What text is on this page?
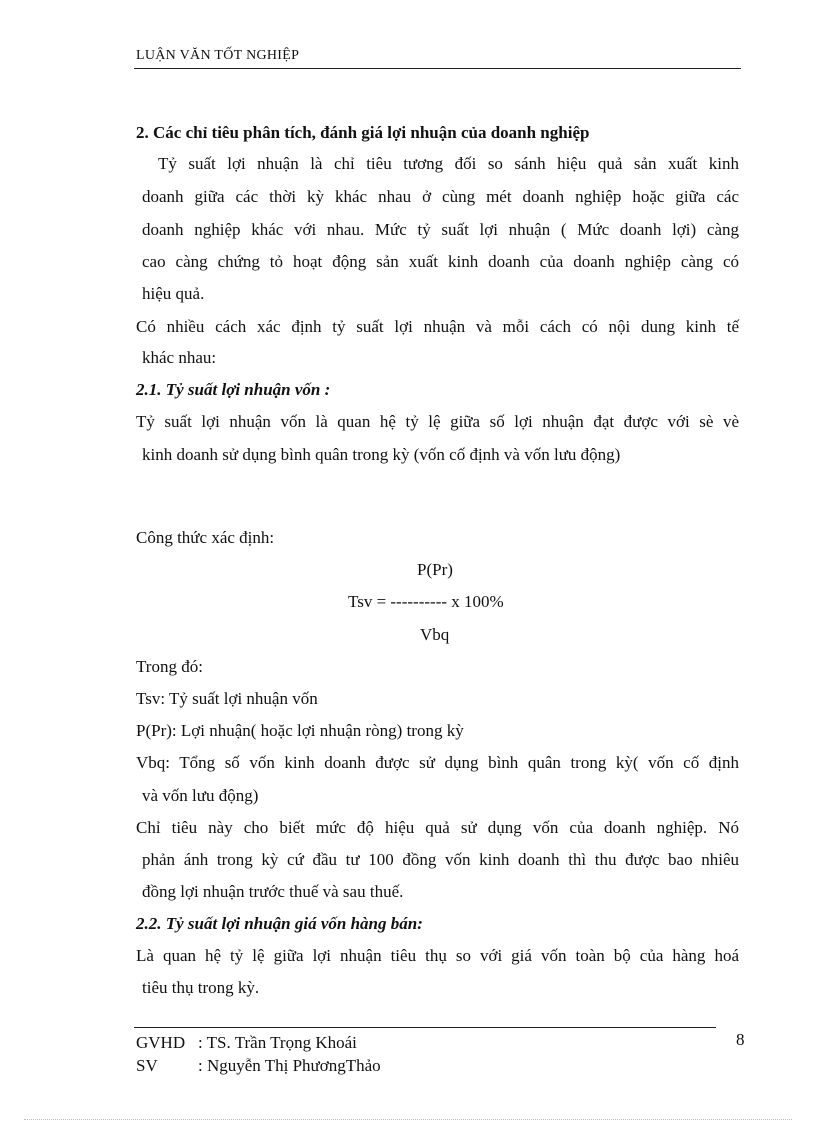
LUẬN VĂN TỐT NGHIỆP
2. Các chỉ tiêu phân tích, đánh giá lợi nhuận của doanh nghiệp
Tỷ suất lợi nhuận là chỉ tiêu tương đối so sánh hiệu quả sản xuất kinh
doanh giữa các thời kỳ khác nhau ở cùng mét doanh nghiệp hoặc giữa các
doanh nghiệp khác với nhau. Mức tỷ suất lợi nhuận ( Mức doanh lợi) càng
cao càng chứng tỏ hoạt động sản xuất kinh doanh của doanh nghiệp càng có
hiệu quả.
Có nhiều cách xác định tỷ suất lợi nhuận và mỗi cách có nội dung kinh tế
khác nhau:
2.1. Tỷ suất lợi nhuận vốn :
Tỷ suất lợi nhuận vốn là quan hệ tỷ lệ giữa số lợi nhuận đạt được với sè vè
kinh doanh sử dụng bình quân trong kỳ (vốn cố định và vốn lưu động)
Công thức xác định:
P(Pr)
Tsv = ---------- x 100%
Vbq
Trong đó:
Tsv: Tỷ suất lợi nhuận vốn
P(Pr): Lợi nhuận( hoặc lợi nhuận ròng) trong kỳ
Vbq: Tổng số vốn kinh doanh được sử dụng bình quân trong kỳ( vốn cố định
và vốn lưu động)
Chỉ tiêu này cho biết mức độ hiệu quả sử dụng vốn của doanh nghiệp. Nó
phản ánh trong kỳ cứ đầu tư 100 đồng vốn kinh doanh thì thu được bao nhiêu
đồng lợi nhuận trước thuế và sau thuế.
2.2. Tỷ suất lợi nhuận giá vốn hàng bán:
Là quan hệ tỷ lệ giữa lợi nhuận tiêu thụ so với giá vốn toàn bộ của hàng hoá
tiêu thụ trong kỳ.
GVHD : TS. Trần Trọng Khoái
SV : Nguyễn Thị PhươngThảo
8
